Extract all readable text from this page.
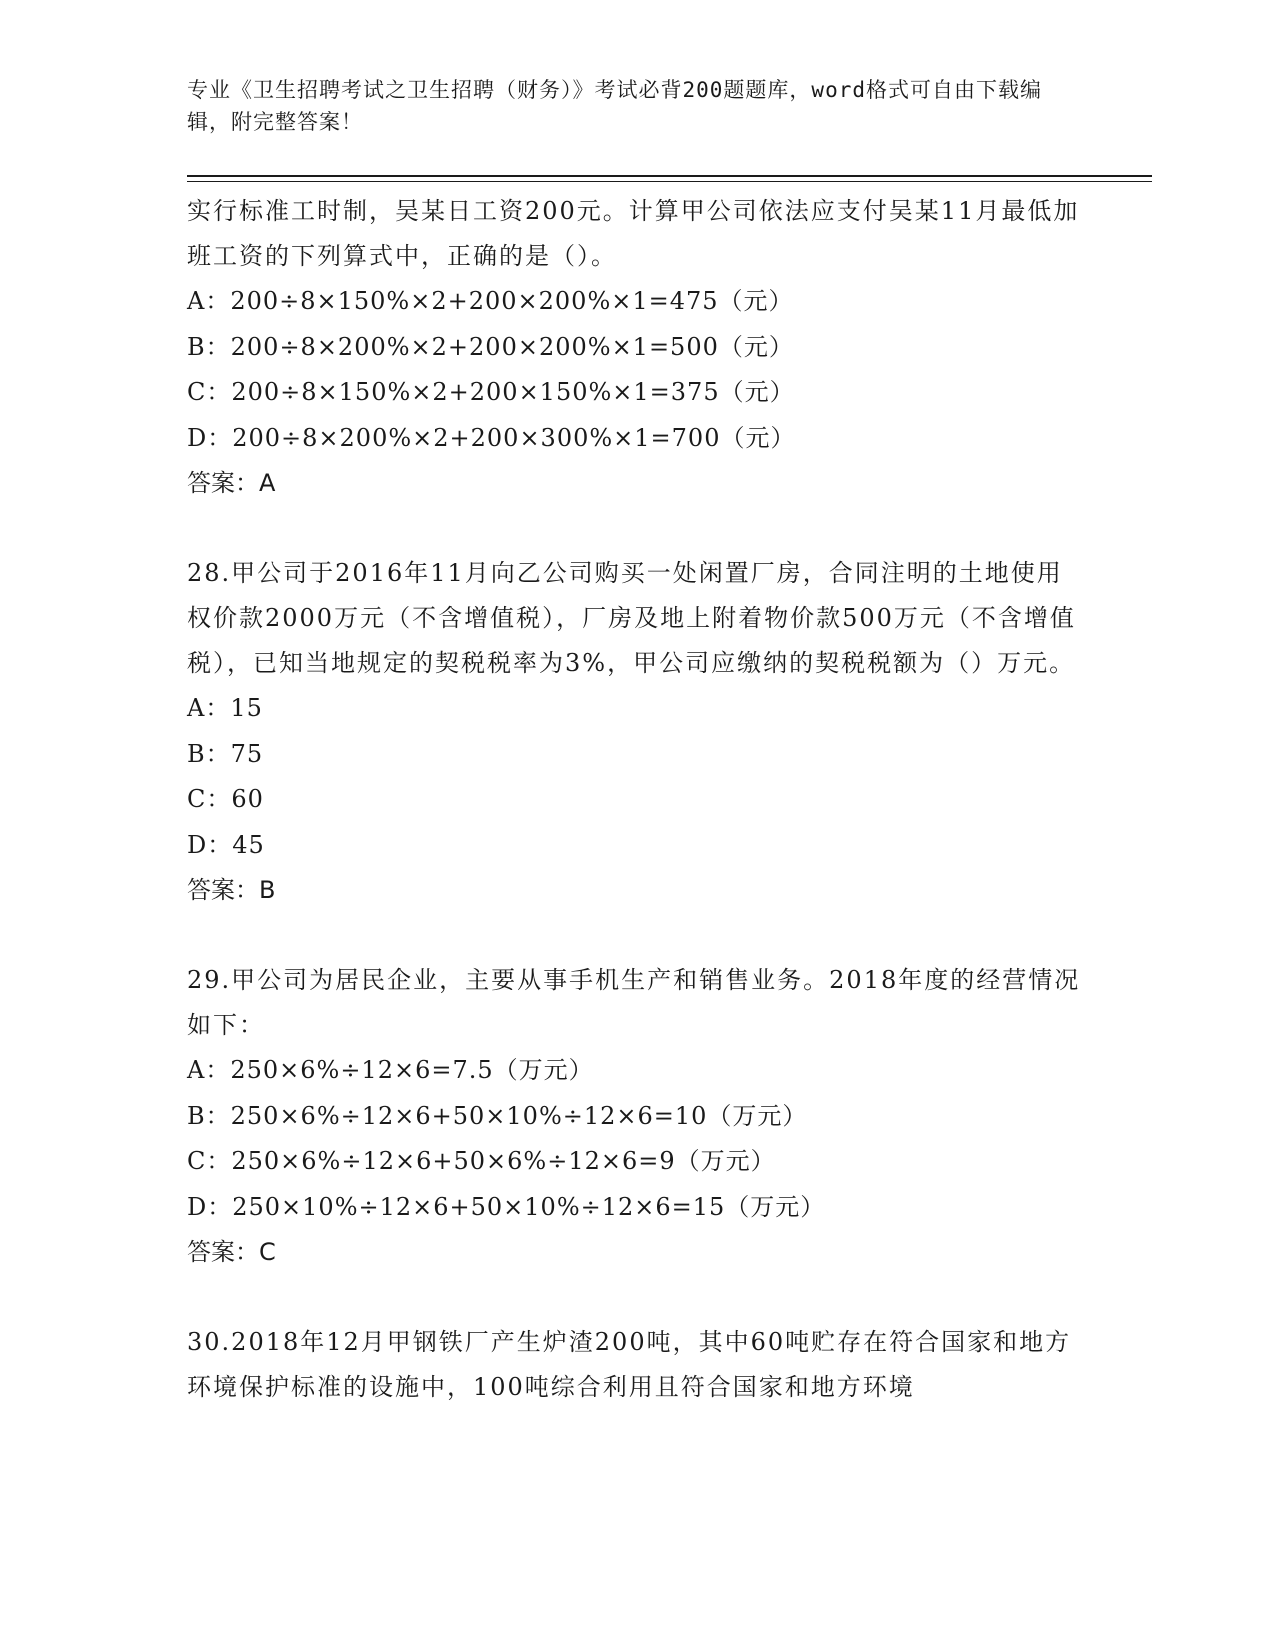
专业《卫生招聘考试之卫生招聘（财务）》考试必背200题题库，word格式可自由下载编辑，附完整答案！

实行标准工时制，吴某日工资200元。计算甲公司依法应支付吴某11月最低加班工资的下列算式中，正确的是（）。

A：200÷8×150%×2+200×200%×1=475（元）

B：200÷8×200%×2+200×200%×1=500（元）

C：200÷8×150%×2+200×150%×1=375（元）

D：200÷8×200%×2+200×300%×1=700（元）

答案：A

28.甲公司于2016年11月向乙公司购买一处闲置厂房，合同注明的土地使用权价款2000万元（不含增值税），厂房及地上附着物价款500万元（不含增值税），已知当地规定的契税税率为3%，甲公司应缴纳的契税税额为（）万元。

A：15

B：75

C：60

D：45

答案：B

29.甲公司为居民企业，主要从事手机生产和销售业务。2018年度的经营情况如下：

A：250×6%÷12×6=7.5（万元）

B：250×6%÷12×6+50×10%÷12×6=10（万元）

C：250×6%÷12×6+50×6%÷12×6=9（万元）

D：250×10%÷12×6+50×10%÷12×6=15（万元）

答案：C

30.2018年12月甲钢铁厂产生炉渣200吨，其中60吨贮存在符合国家和地方环境保护标准的设施中，100吨综合利用且符合国家和地方环境
